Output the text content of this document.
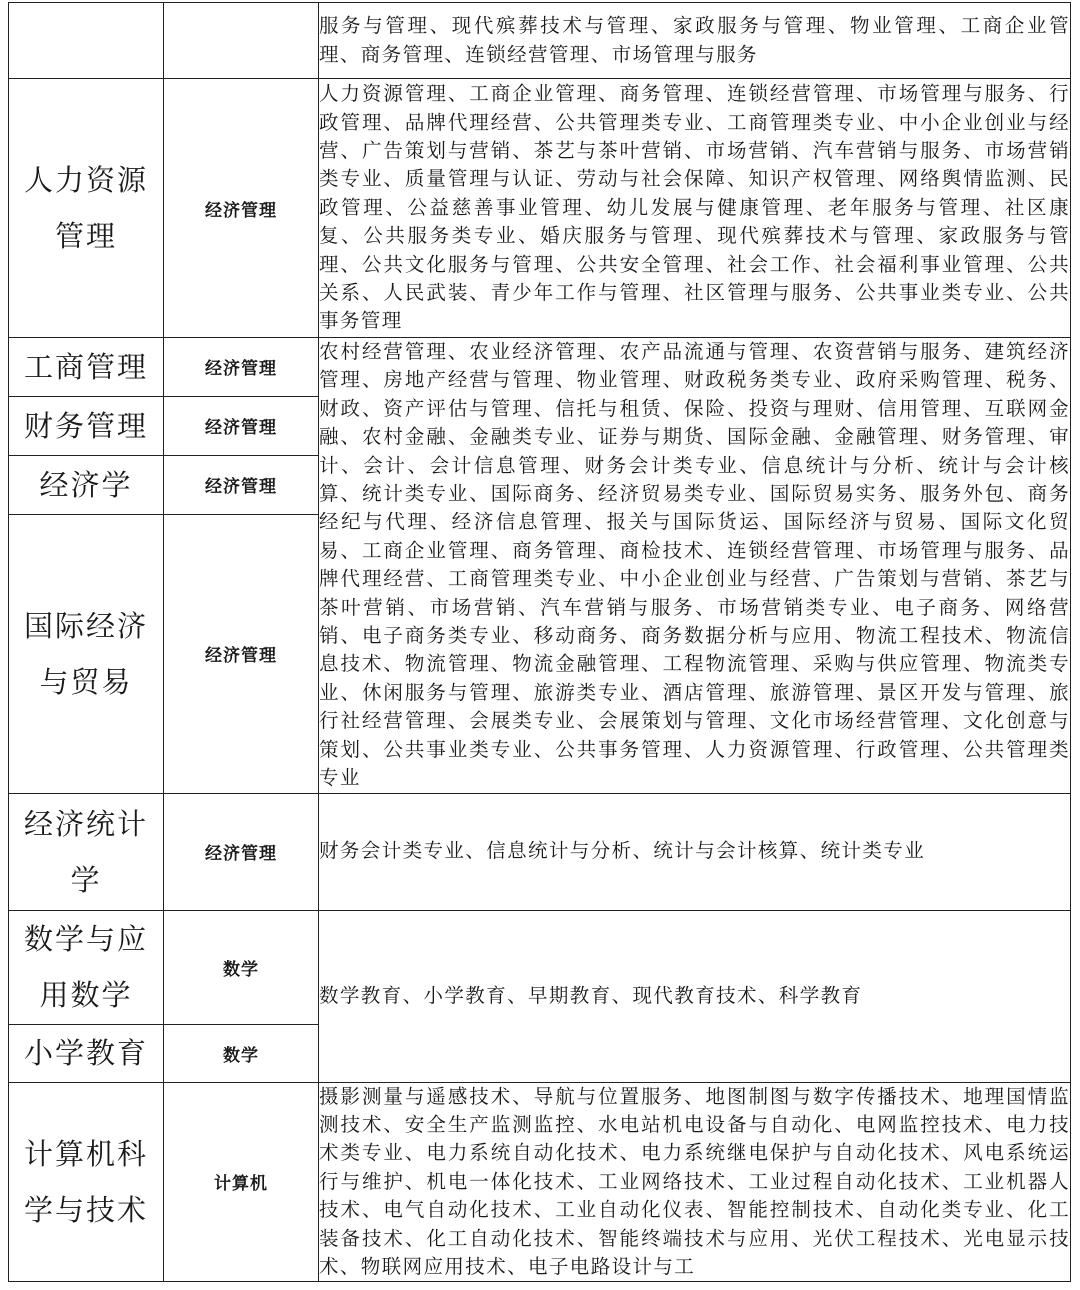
		服务与管理、现代殡葬技术与管理、家政服务与管理、物业管理、工商企业管理、商务管理、连锁经营管理、市场管理与服务
人力资源管理	经济管理	人力资源管理、工商企业管理、商务管理、连锁经营管理、市场管理与服务、行政管理、品牌代理经营、公共管理类专业、工商管理类专业、中小企业创业与经营、广告策划与营销、茶艺与茶叶营销、市场营销、汽车营销与服务、市场营销类专业、质量管理与认证、劳动与社会保障、知识产权管理、网络舆情监测、民政管理、公益慈善事业管理、幼儿发展与健康管理、老年服务与管理、社区康复、公共服务类专业、婚庆服务与管理、现代殡葬技术与管理、家政服务与管理、公共文化服务与管理、公共安全管理、社会工作、社会福利事业管理、公共关系、人民武装、青少年工作与管理、社区管理与服务、公共事业类专业、公共事务管理
工商管理	经济管理	农村经营管理、农业经济管理、农产品流通与管理、农资营销与服务、建筑经济管理、房地产经营与管理、物业管理、财政税务类专业、政府采购管理、税务、财政、资产评估与管理、信托与租赁、保险、投资与理财、信用管理、互联网金融、农村金融、金融类专业、证券与期货、国际金融、金融管理、财务管理、审计、会计、会计信息管理、财务会计类专业、信息统计与分析、统计与会计核算、统计类专业、国际商务、经济贸易类专业、国际贸易实务、服务外包、商务经纪与代理、经济信息管理、报关与国际货运、国际经济与贸易、国际文化贸易、工商企业管理、商务管理、商检技术、连锁经营管理、市场管理与服务、品牌代理经营、工商管理类专业、中小企业创业与经营、广告策划与营销、茶艺与茶叶营销、市场营销、汽车营销与服务、市场营销类专业、电子商务、网络营销、电子商务类专业、移动商务、商务数据分析与应用、物流工程技术、物流信息技术、物流管理、物流金融管理、工程物流管理、采购与供应管理、物流类专业、休闲服务与管理、旅游类专业、酒店管理、旅游管理、景区开发与管理、旅行社经营管理、会展类专业、会展策划与管理、文化市场经营管理、文化创意与策划、公共事业类专业、公共事务管理、人力资源管理、行政管理、公共管理类专业
财务管理	经济管理	
经济学	经济管理	
国际经济与贸易	经济管理	
经济统计学	经济管理	财务会计类专业、信息统计与分析、统计与会计核算、统计类专业
数学与应用数学	数学	数学教育、小学教育、早期教育、现代教育技术、科学教育
小学教育	数学	
计算机科学与技术	计算机	摄影测量与遥感技术、导航与位置服务、地图制图与数字传播技术、地理国情监测技术、安全生产监测监控、水电站机电设备与自动化、电网监控技术、电力技术类专业、电力系统自动化技术、电力系统继电保护与自动化技术、风电系统运行与维护、机电一体化技术、工业网络技术、工业过程自动化技术、工业机器人技术、电气自动化技术、工业自动化仪表、智能控制技术、自动化类专业、化工装备技术、化工自动化技术、智能终端技术与应用、光伏工程技术、光电显示技术、物联网应用技术、电子电路设计与工
